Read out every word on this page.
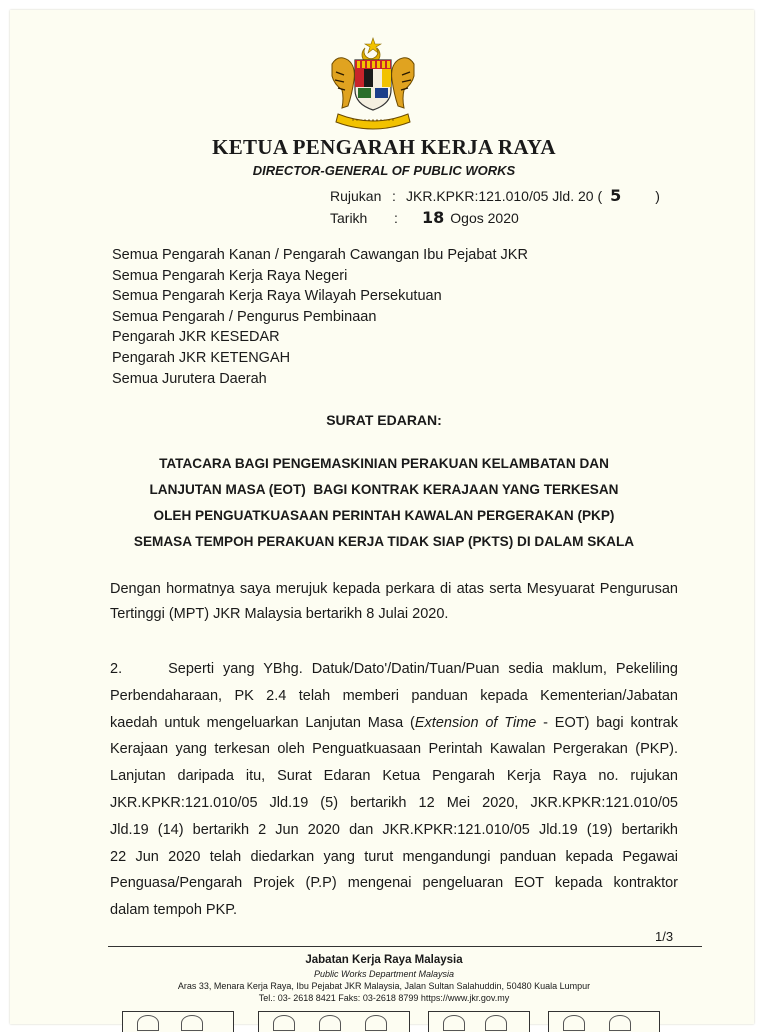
KETUA PENGARAH KERJA RAYA
DIRECTOR-GENERAL OF PUBLIC WORKS
Rujukan : JKR.KPKR:121.010/05 Jld. 20 ( 5 )
Tarikh : 18 Ogos 2020
Semua Pengarah Kanan / Pengarah Cawangan Ibu Pejabat JKR
Semua Pengarah Kerja Raya Negeri
Semua Pengarah Kerja Raya Wilayah Persekutuan
Semua Pengarah / Pengurus Pembinaan
Pengarah JKR KESEDAR
Pengarah JKR KETENGAH
Semua Jurutera Daerah
SURAT EDARAN:
TATACARA BAGI PENGEMASKINIAN PERAKUAN KELAMBATAN DAN
LANJUTAN MASA (EOT)  BAGI KONTRAK KERAJAAN YANG TERKESAN
OLEH PENGUATKUASAAN PERINTAH KAWALAN PERGERAKAN (PKP)
SEMASA TEMPOH PERAKUAN KERJA TIDAK SIAP (PKTS) DI DALAM SKALA
Dengan hormatnya saya merujuk kepada perkara di atas serta Mesyuarat Pengurusan Tertinggi (MPT) JKR Malaysia bertarikh 8 Julai 2020.
2.	Seperti yang YBhg. Datuk/Dato'/Datin/Tuan/Puan sedia maklum, Pekeliling
Perbendaharaan, PK 2.4 telah memberi panduan kepada Kementerian/Jabatan
kaedah untuk mengeluarkan Lanjutan Masa (Extension of Time - EOT) bagi kontrak
Kerajaan yang terkesan oleh Penguatkuasaan Perintah Kawalan Pergerakan (PKP).
Lanjutan daripada itu, Surat Edaran Ketua Pengarah Kerja Raya no. rujukan
JKR.KPKR:121.010/05 Jld.19 (5) bertarikh 12 Mei 2020, JKR.KPKR:121.010/05
Jld.19 (14) bertarikh 2 Jun 2020 dan JKR.KPKR:121.010/05 Jld.19 (19) bertarikh
22 Jun 2020 telah diedarkan yang turut mengandungi panduan kepada Pegawai
Penguasa/Pengarah Projek (P.P) mengenai pengeluaran EOT kepada kontraktor
dalam tempoh PKP.
1/3
Jabatan Kerja Raya Malaysia
Public Works Department Malaysia
Aras 33, Menara Kerja Raya, Ibu Pejabat JKR Malaysia, Jalan Sultan Salahuddin, 50480 Kuala Lumpur
Tel.: 03- 2618 8421 Faks: 03-2618 8799 https://www.jkr.gov.my
